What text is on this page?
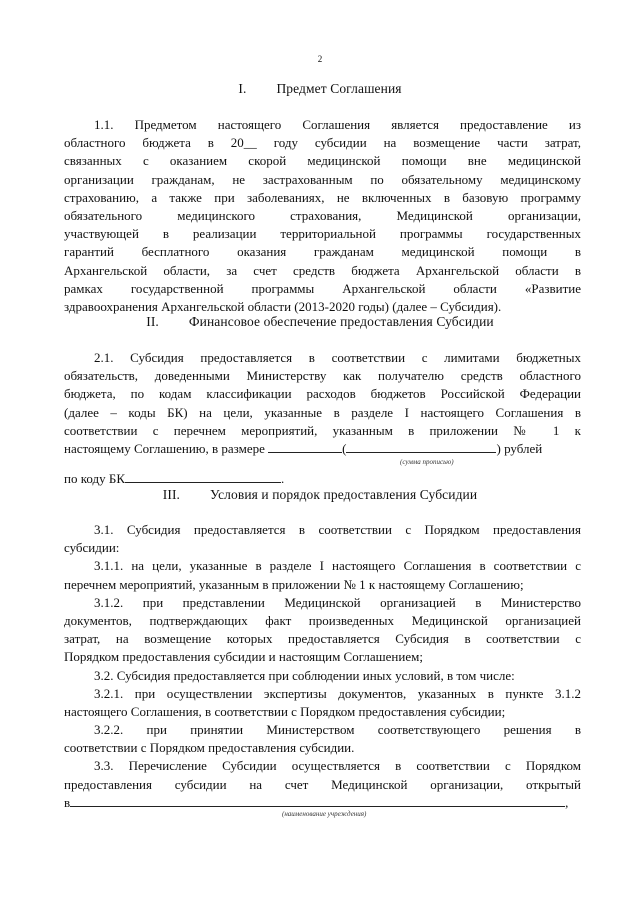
2
I. Предмет Соглашения
1.1. Предметом настоящего Соглашения является предоставление из
областного бюджета в 20__ году субсидии на возмещение части затрат,
связанных с оказанием скорой медицинской помощи вне медицинской
организации гражданам, не застрахованным по обязательному медицинскому
страхованию, а также при заболеваниях, не включенных в базовую программу
обязательного медицинского страхования, Медицинской организации,
участвующей в реализации территориальной программы государственных
гарантий бесплатного оказания гражданам медицинской помощи в
Архангельской области, за счет средств бюджета Архангельской области в
рамках государственной программы Архангельской области «Развитие
здравоохранения Архангельской области (2013-2020 годы) (далее – Субсидия).
II. Финансовое обеспечение предоставления Субсидии
2.1. Субсидия предоставляется в соответствии с лимитами бюджетных
обязательств, доведенными Министерству как получателю средств областного
бюджета, по кодам классификации расходов бюджетов Российской Федерации
(далее – коды БК) на цели, указанные в разделе I настоящего Соглашения в
соответствии с перечнем мероприятий, указанным в приложении № 1 к
настоящему Соглашению, в размере	(	) рублей
(сумма прописью)
по коду БК	.
III. Условия и порядок предоставления Субсидии
3.1. Субсидия предоставляется в соответствии с Порядком предоставления
субсидии:
3.1.1. на цели, указанные в разделе I настоящего Соглашения в соответствии с
перечнем мероприятий, указанным в приложении № 1 к настоящему Соглашению;
3.1.2. при представлении Медицинской организацией в Министерство
документов, подтверждающих факт произведенных Медицинской организацией
затрат, на возмещение которых предоставляется Субсидия в соответствии с
Порядком предоставления субсидии и настоящим Соглашением;
3.2. Субсидия предоставляется при соблюдении иных условий, в том числе:
3.2.1. при осуществлении экспертизы документов, указанных в пункте 3.1.2
настоящего Соглашения, в соответствии с Порядком предоставления субсидии;
3.2.2. при принятии Министерством соответствующего решения в
соответствии с Порядком предоставления субсидии.
3.3. Перечисление Субсидии осуществляется в соответствии с Порядком
предоставления субсидии на счет Медицинской организации, открытый
в	,
(наименование учреждения)
